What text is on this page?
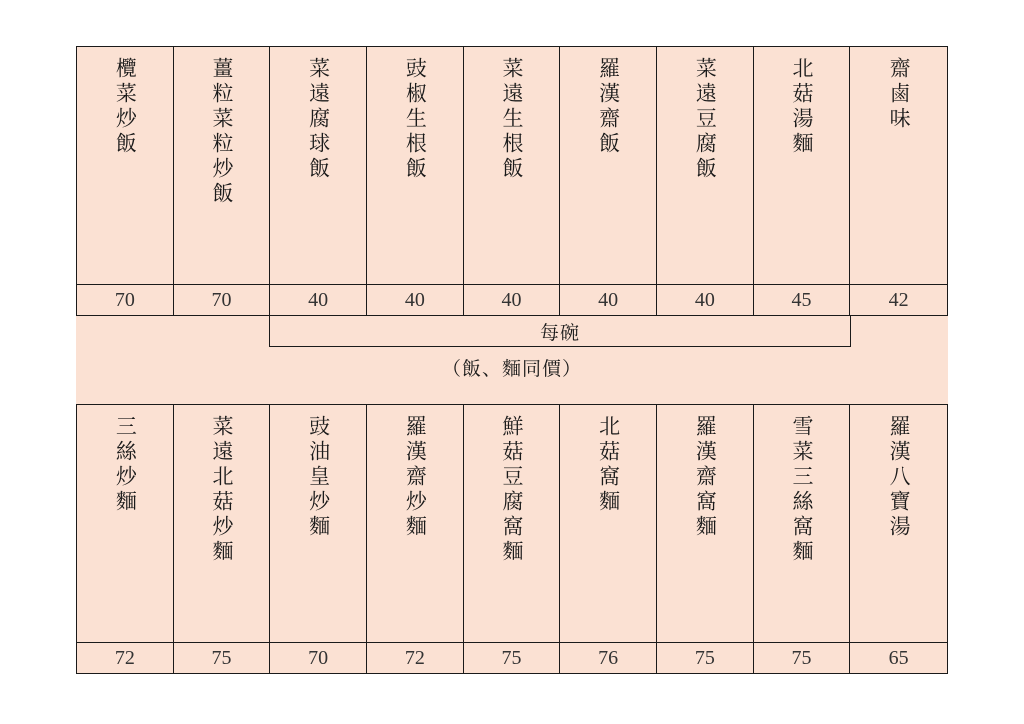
欖菜炒飯
70
薑粒菜粒炒飯
70
菜遠腐球飯
40
豉椒生根飯
40
菜遠生根飯
40
羅漢齋飯
40
菜遠豆腐飯
40
北菇湯麵
45
齋鹵味
42
每碗
（飯、麵同價）
三絲炒麵
72
菜遠北菇炒麵
75
豉油皇炒麵
70
羅漢齋炒麵
72
鮮菇豆腐窩麵
75
北菇窩麵
76
羅漢齋窩麵
75
雪菜三絲窩麵
75
羅漢八寶湯
65
